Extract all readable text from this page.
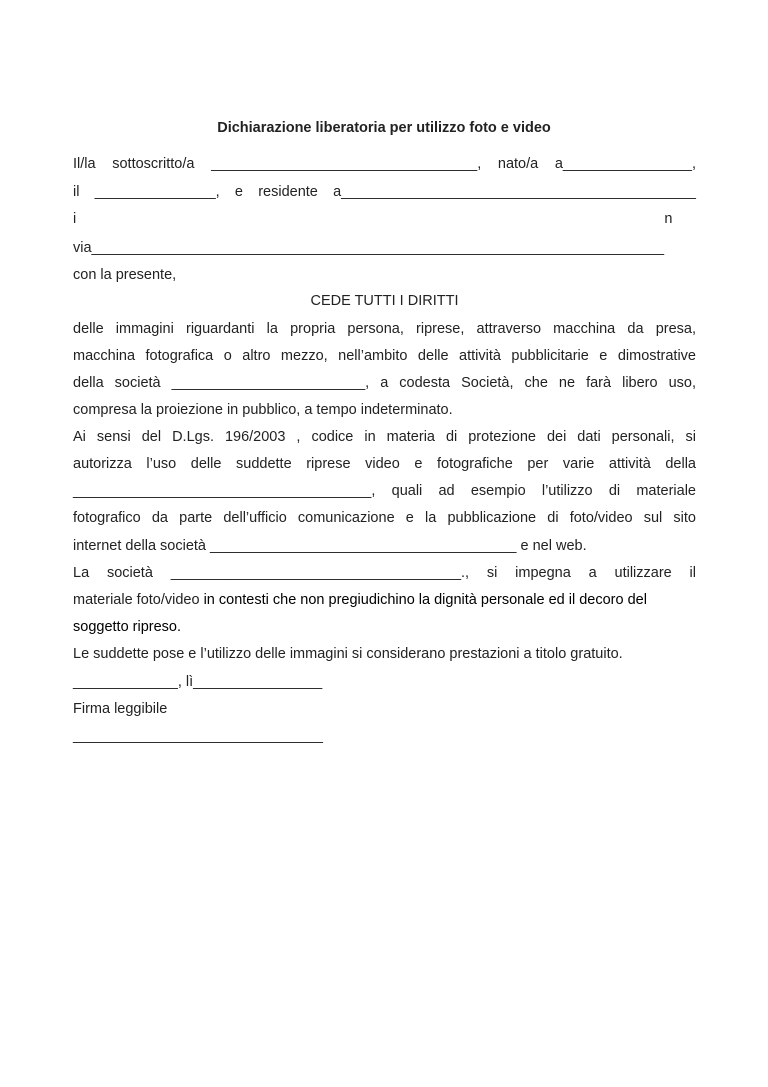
Dichiarazione liberatoria per utilizzo foto e video
Il/la sottoscritto/a _________________________________, nato/a a________________,
il _______________, e residente a____________________________________________
i                                                                                                                                                  n
via_______________________________________________________________________
con la presente,
CEDE TUTTI I DIRITTI
delle immagini riguardanti la propria persona, riprese, attraverso macchina da presa,
macchina fotografica o altro mezzo, nell’ambito delle attività pubblicitarie e dimostrative
della società ________________________, a codesta Società, che ne farà libero uso,
compresa la proiezione in pubblico, a tempo indeterminato.
Ai sensi del D.Lgs. 196/2003 , codice in materia di protezione dei dati personali, si
autorizza l’uso delle suddette riprese video e fotografiche per varie attività della
_____________________________________, quali ad esempio l’utilizzo di materiale
fotografico da parte dell’ufficio comunicazione e la pubblicazione di foto/video sul sito
internet della società ______________________________________ e nel web.
La società ____________________________________., si impegna a utilizzare il
materiale foto/video in contesti che non pregiudichino la dignità personale ed il decoro del
soggetto ripreso.
Le suddette pose e l’utilizzo delle immagini si considerano prestazioni a titolo gratuito.
_____________, lì________________
Firma leggibile
_______________________________
